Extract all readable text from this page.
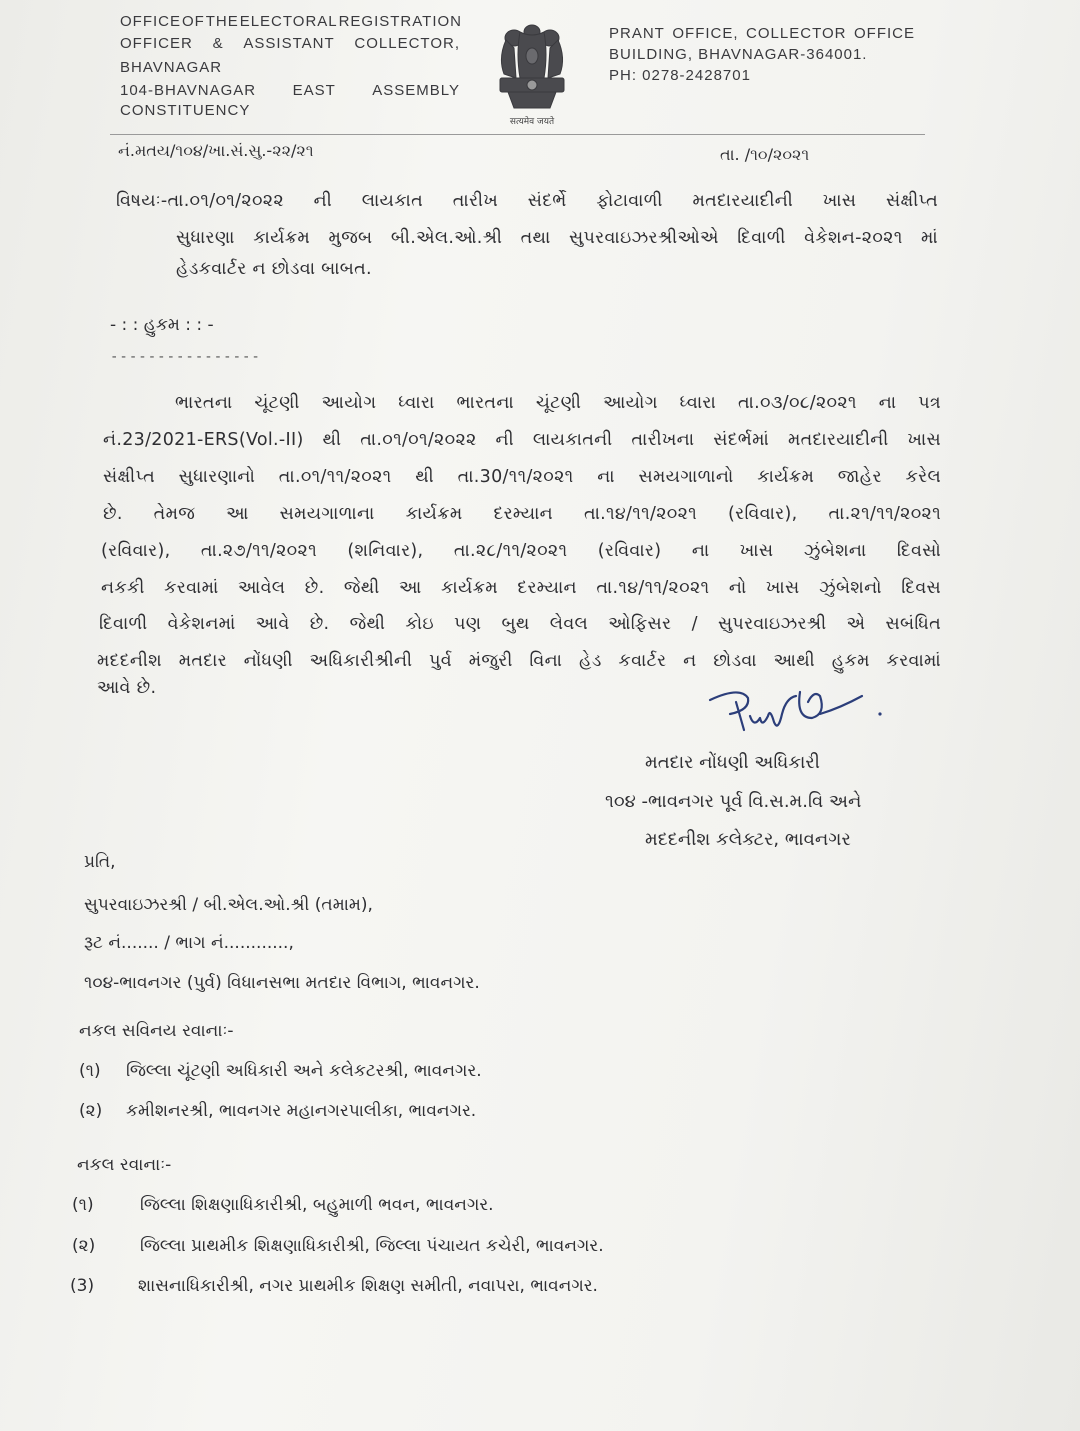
OFFICE OF THE ELECTORAL REGISTRATION
OFFICER & ASSISTANT COLLECTOR,
BHAVNAGAR
104-BHAVNAGAR EAST ASSEMBLY
CONSTITUENCY
सत्यमेव जयते
PRANT OFFICE, COLLECTOR OFFICE
BUILDING, BHAVNAGAR-364001.
PH: 0278-2428701
નં.મતય/૧૦૪/ખા.સં.સુ.-૨૨/૨૧	તા. /૧૦/૨૦૨૧
વિષયઃ-તા.૦૧/૦૧/૨૦૨૨ ની લાયકાત તારીખ સંદર્ભે ફોટાવાળી મતદારયાદીની ખાસ સંક્ષીપ્ત
સુધારણા કાર્યક્રમ મુજબ બી.એલ.ઓ.શ્રી તથા સુપરવાઇઝરશ્રીઓએ દિવાળી વેકેશન-૨૦૨૧ માં
હેડકવાર્ટર ન છોડવા બાબત.
- : : હુકમ : : -
----------------
ભારતના ચૂંટણી આયોગ ધ્વારા ભારતના ચૂંટણી આયોગ ધ્વારા તા.૦૩/૦૮/૨૦૨૧ ના પત્ર
નં.23/2021-ERS(Vol.-II) થી તા.૦૧/૦૧/૨૦૨૨ ની લાયકાતની તારીખના સંદર્ભમાં મતદારયાદીની ખાસ
સંક્ષીપ્ત સુધારણાનો તા.૦૧/૧૧/૨૦૨૧ થી તા.30/૧૧/૨૦૨૧ ના સમયગાળાનો કાર્યક્રમ જાહેર કરેલ
છે. તેમજ આ સમયગાળાના કાર્યક્રમ દરમ્યાન તા.૧૪/૧૧/૨૦૨૧ (રવિવાર), તા.૨૧/૧૧/૨૦૨૧
(રવિવાર), તા.૨૭/૧૧/૨૦૨૧ (શનિવાર), તા.૨૮/૧૧/૨૦૨૧ (રવિવાર) ના ખાસ ઝુંબેશના દિવસો
નકકી કરવામાં આવેલ છે. જેથી આ કાર્યક્રમ દરમ્યાન તા.૧૪/૧૧/૨૦૨૧ નો ખાસ ઝુંબેશનો દિવસ
દિવાળી વેકેશનમાં આવે છે. જેથી કોઇ પણ બુથ લેવલ ઓફિસર / સુપરવાઇઝરશ્રી એ સબંધિત
મદદનીશ મતદાર નોંધણી અધિકારીશ્રીની પુર્વ મંજુરી વિના હેડ કવાર્ટર ન છોડવા આથી હુકમ કરવામાં
આવે છે.
મતદાર નોંધણી અધિકારી
૧૦૪ -ભાવનગર પૂર્વ વિ.સ.મ.વિ અને
મદદનીશ કલેક્ટર, ભાવનગર
પ્રતિ,
સુપરવાઇઝરશ્રી / બી.એલ.ઓ.શ્રી (તમામ),
રૂટ નં....... / ભાગ નં............,
૧૦૪-ભાવનગર (પુર્વ) વિધાનસભા મતદાર વિભાગ, ભાવનગર.
નકલ સવિનય રવાનાઃ-
(૧) જિલ્લા ચૂંટણી અધિકારી અને કલેકટરશ્રી, ભાવનગર.
(૨) કમીશનરશ્રી, ભાવનગર મહાનગરપાલીકા, ભાવનગર.
નકલ રવાનાઃ-
(૧)	જિલ્લા શિક્ષણાધિકારીશ્રી, બહુમાળી ભવન, ભાવનગર.
(૨)	જિલ્લા પ્રાથમીક શિક્ષણાધિકારીશ્રી, જિલ્લા પંચાયત કચેરી, ભાવનગર.
(3)	શાસનાધિકારીશ્રી, નગર પ્રાથમીક શિક્ષણ સમીતી, નવાપરા, ભાવનગર.
